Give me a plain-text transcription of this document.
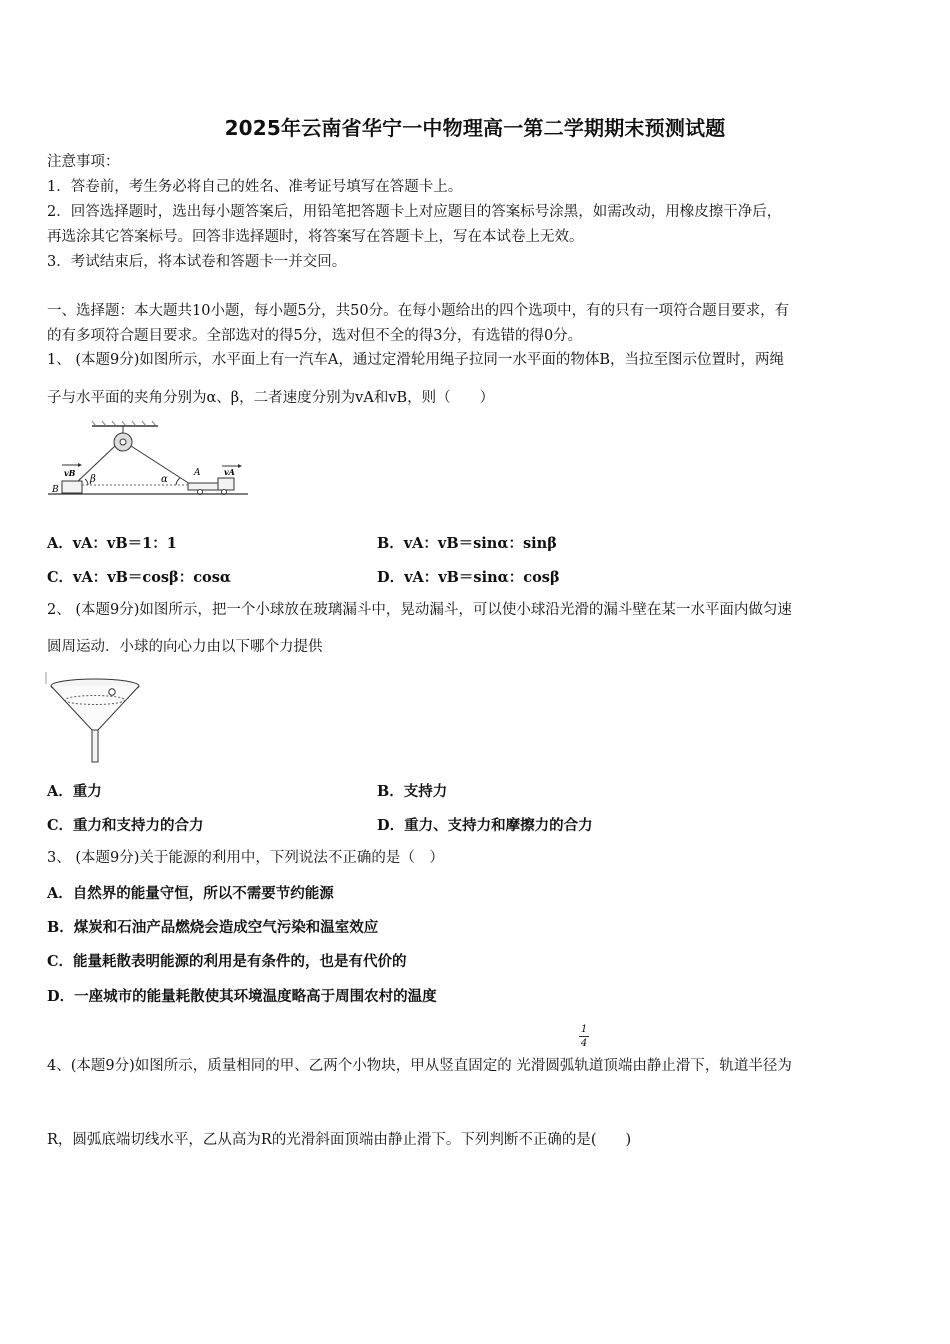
2025年云南省华宁一中物理高一第二学期期末预测试题
注意事项：
1．答卷前，考生务必将自己的姓名、准考证号填写在答题卡上。
2．回答选择题时，选出每小题答案后，用铅笔把答题卡上对应题目的答案标号涂黑，如需改动，用橡皮擦干净后，
再选涂其它答案标号。回答非选择题时，将答案写在答题卡上，写在本试卷上无效。
3．考试结束后，将本试卷和答题卡一并交回。
一、选择题：本大题共10小题，每小题5分，共50分。在每小题给出的四个选项中，有的只有一项符合题目要求，有
的有多项符合题目要求。全部选对的得5分，选对但不全的得3分，有选错的得0分。
1、 (本题9分)如图所示，水平面上有一汽车A，通过定滑轮用绳子拉同一水平面的物体B，当拉至图示位置时，两绳
子与水平面的夹角分别为α、β，二者速度分别为vA和vB，则（　　）
vB
B
β	α
A	vA
A．vA：vB＝1：1	B．vA：vB＝sinα：sinβ
C．vA：vB＝cosβ：cosα	D．vA：vB＝sinα：cosβ
2、 (本题9分)如图所示，把一个小球放在玻璃漏斗中，晃动漏斗，可以使小球沿光滑的漏斗壁在某一水平面内做匀速
圆周运动．小球的向心力由以下哪个力提供
A．重力	B．支持力
C．重力和支持力的合力	D．重力、支持力和摩擦力的合力
3、 (本题9分)关于能源的利用中，下列说法不正确的是（　）
A．自然界的能量守恒，所以不需要节约能源
B．煤炭和石油产品燃烧会造成空气污染和温室效应
C．能量耗散表明能源的利用是有条件的，也是有代价的
D．一座城市的能量耗散使其环境温度略高于周围农村的温度
1
4
4、(本题9分)如图所示，质量相同的甲、乙两个小物块，甲从竖直固定的 光滑圆弧轨道顶端由静止滑下，轨道半径为
R，圆弧底端切线水平，乙从高为R的光滑斜面顶端由静止滑下。下列判断不正确的是(　　)
